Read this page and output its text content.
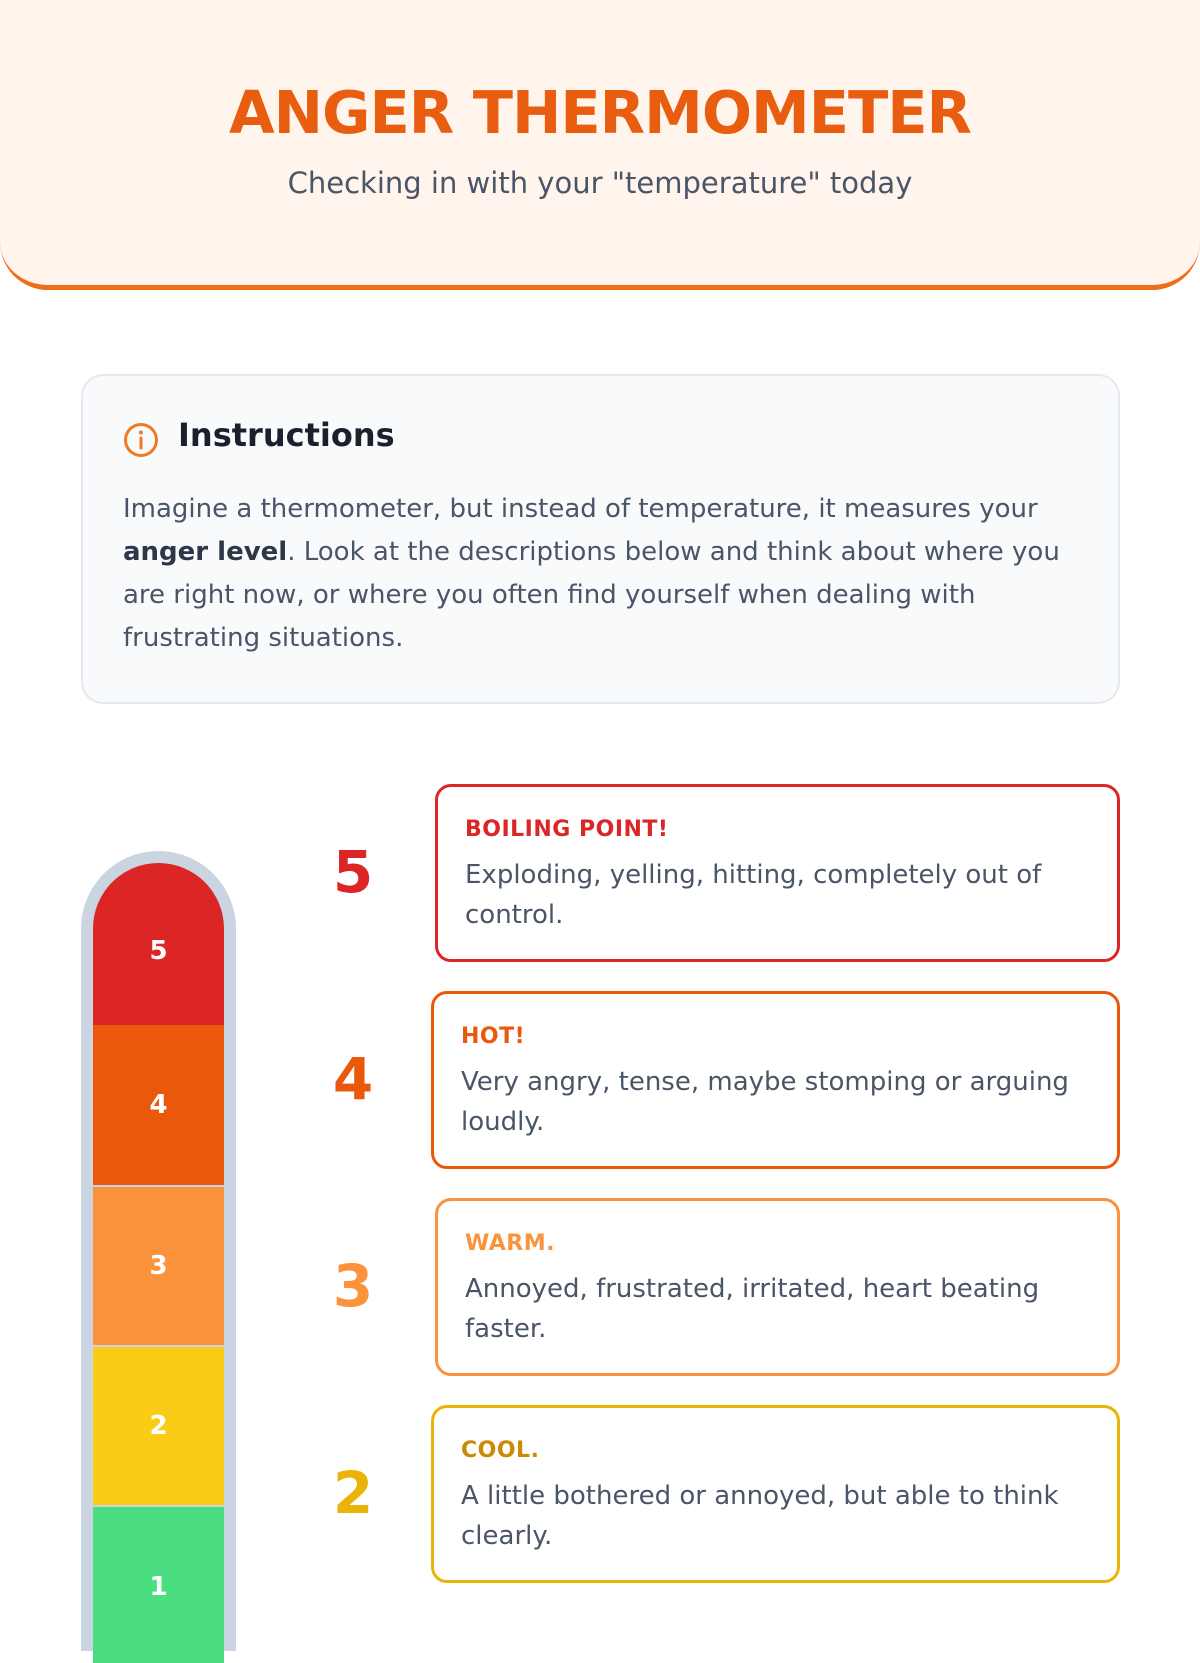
ANGER THERMOMETER

Checking in with your "temperature" today

Instructions

Imagine a thermometer, but instead of temperature, it measures your anger level. Look at the descriptions below and think about where you are right now, or where you often find yourself when dealing with frustrating situations.

5
4
3
2
1
5

BOILING POINT!

Exploding, yelling, hitting, completely out of control.

4

HOT!

Very angry, tense, maybe stomping or arguing loudly.

3

WARM.

Annoyed, frustrated, irritated, heart beating faster.

2

COOL.

A little bothered or annoyed, but able to think clearly.
